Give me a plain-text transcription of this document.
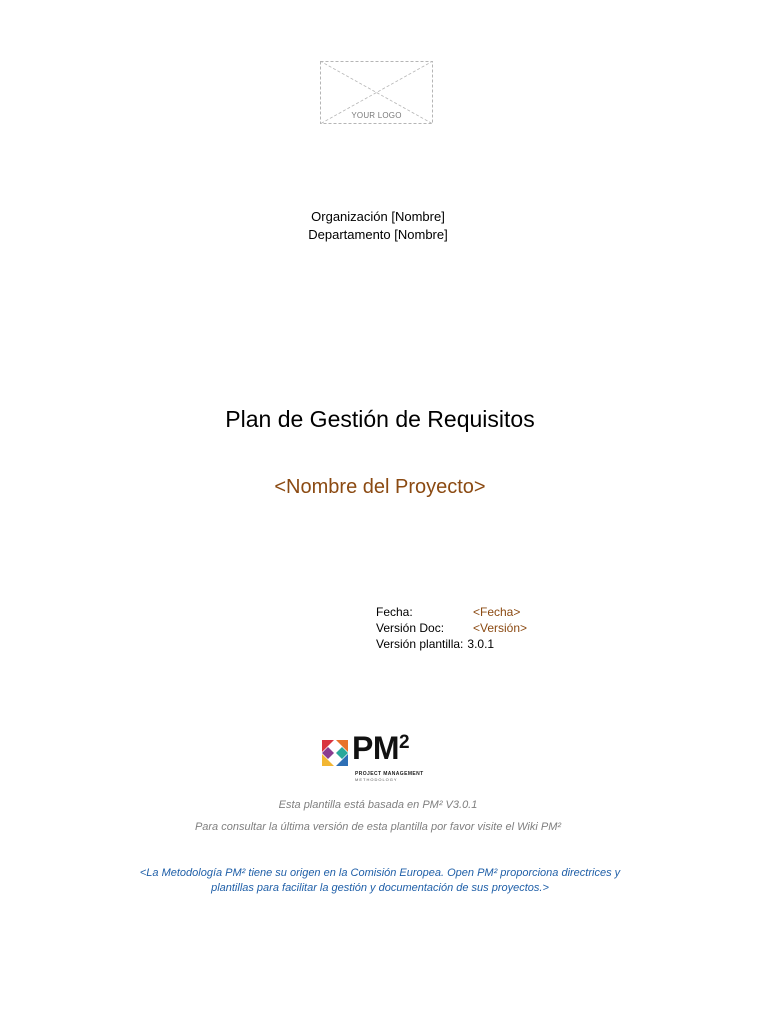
YOUR LOGO
Organización [Nombre]
Departamento [Nombre]
Plan de Gestión de Requisitos
<Nombre del Proyecto>
Fecha:	<Fecha>
Versión Doc:	<Versión>
Versión plantilla: 3.0.1
$PM^2$
PROJECT MANAGEMENT
METHODOLOGY
Esta plantilla está basada en PM² V3.0.1
Para consultar la última versión de esta plantilla por favor visite el Wiki PM²
<La Metodología PM² tiene su origen en la Comisión Europea. Open PM² proporciona directrices y
plantillas para facilitar la gestión y documentación de sus proyectos.>
